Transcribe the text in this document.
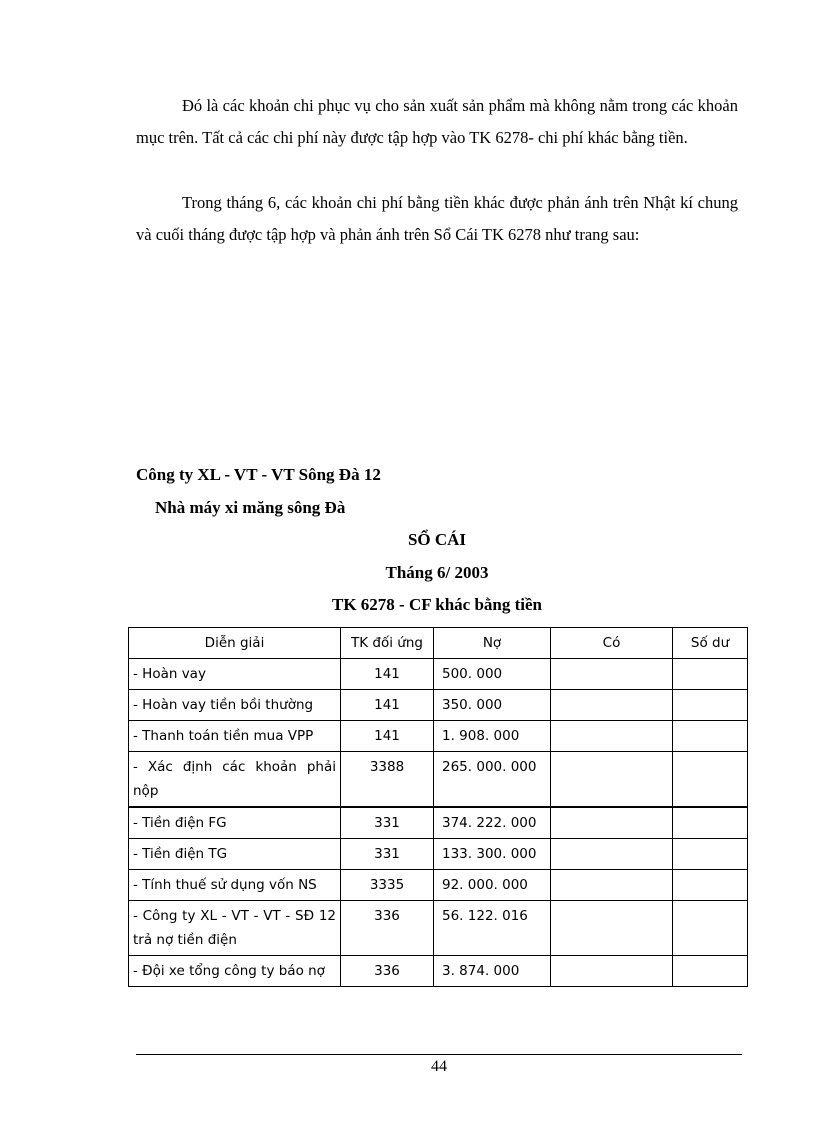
Đó là các khoản chi phục vụ cho sản xuất sản phẩm mà không nằm trong các khoản mục trên. Tất cả các chi phí này được tập hợp vào TK 6278- chi phí khác bằng tiền.
Trong tháng 6, các khoản chi phí bằng tiền khác được phản ánh trên Nhật kí chung và cuối tháng được tập hợp và phản ánh trên Sổ Cái TK 6278 như trang sau:
Công ty XL - VT - VT Sông Đà 12
Nhà máy xi măng sông Đà
SỔ CÁI
Tháng 6/ 2003
TK 6278 - CF khác bằng tiền
Diễn giải	TK đối ứng	Nợ	Có	Số dư
- Hoàn vay	141	500. 000		
- Hoàn vay tiền bồi thường	141	350. 000		
- Thanh toán tiền mua VPP	141	1. 908. 000		
- Xác định các khoản phải nộp	3388	265. 000. 000		
- Tiền điện FG	331	374. 222. 000		
- Tiền điện TG	331	133. 300. 000		
- Tính thuế sử dụng vốn NS	3335	92. 000. 000		
- Công ty XL - VT - VT - SĐ 12 trả nợ tiền điện	336	56. 122. 016		
- Đội xe tổng công ty báo nợ	336	3. 874. 000		
44
